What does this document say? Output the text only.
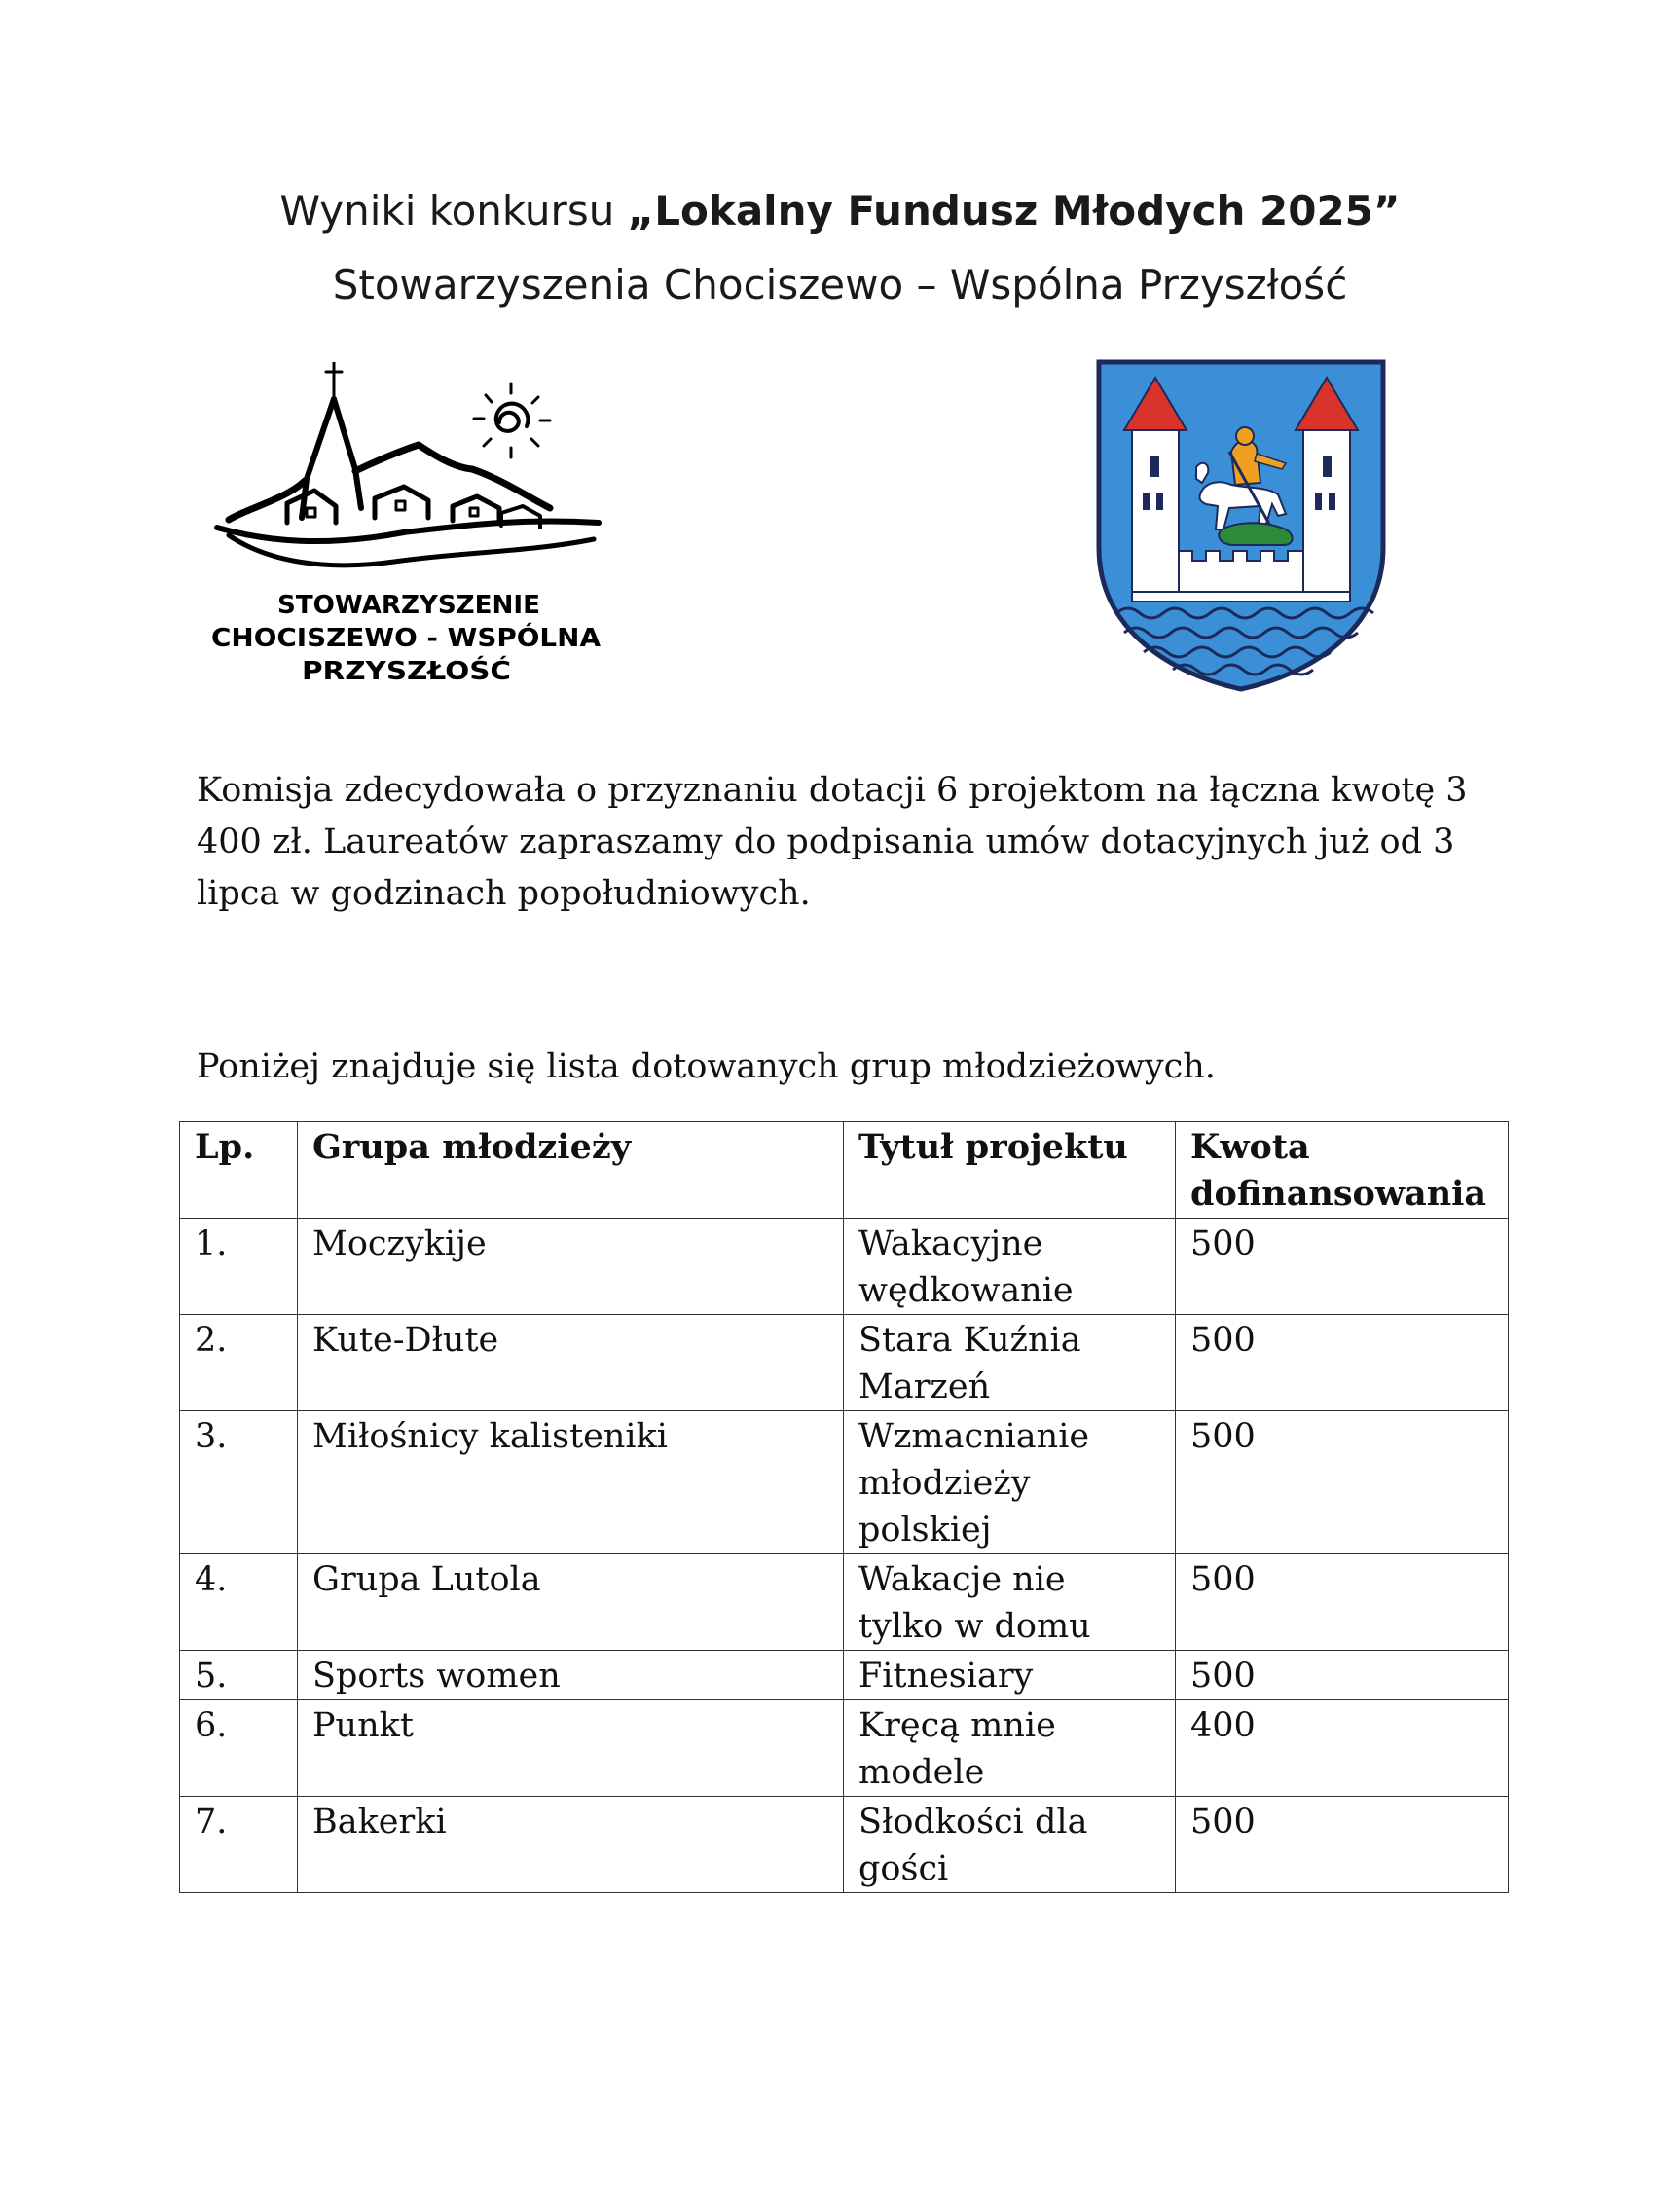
Wyniki konkursu „Lokalny Fundusz Młodych 2025”
Stowarzyszenia Chociszewo – Wspólna Przyszłość
STOWARZYSZENIE
CHOCISZEWO - WSPÓLNA
PRZYSZŁOŚĆ
Komisja zdecydowała o przyznaniu dotacji 6 projektom na łączna kwotę 3 400 zł. Laureatów zapraszamy do podpisania umów dotacyjnych już od 3 lipca w godzinach popołudniowych.
Poniżej znajduje się lista dotowanych grup młodzieżowych.
Lp.	Grupa młodzieży	Tytuł projektu	Kwota dofinansowania
1.	Moczykije	Wakacyjne wędkowanie	500
2.	Kute-Dłute	Stara Kuźnia Marzeń	500
3.	Miłośnicy kalisteniki	Wzmacnianie młodzieży polskiej	500
4.	Grupa Lutola	Wakacje nie tylko w domu	500
5.	Sports women	Fitnesiary	500
6.	Punkt	Kręcą mnie modele	400
7.	Bakerki	Słodkości dla gości	500
